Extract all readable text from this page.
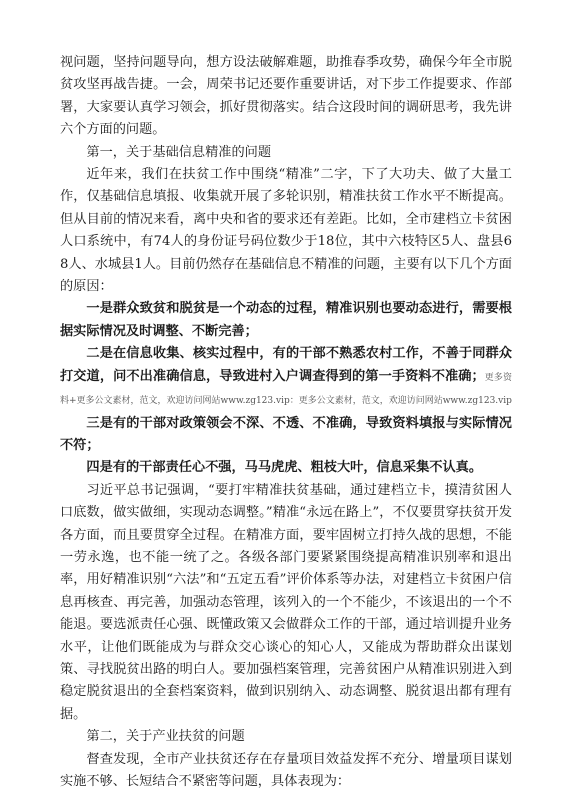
视问题，坚持问题导向，想方设法破解难题，助推春季攻势，确保今年全市脱贫攻坚再战告捷。一会，周荣书记还要作重要讲话，对下步工作提要求、作部署，大家要认真学习领会，抓好贯彻落实。结合这段时间的调研思考，我先讲六个方面的问题。

第一，关于基础信息精准的问题

近年来，我们在扶贫工作中围绕“精准”二字，下了大功夫、做了大量工作，仅基础信息填报、收集就开展了多轮识别，精准扶贫工作水平不断提高。但从目前的情况来看，离中央和省的要求还有差距。比如，全市建档立卡贫困人口系统中，有74人的身份证号码位数少于18位，其中六枝特区5人、盘县68人、水城县1人。目前仍然存在基础信息不精准的问题，主要有以下几个方面的原因：

一是群众致贫和脱贫是一个动态的过程，精准识别也要动态进行，需要根据实际情况及时调整、不断完善；

二是在信息收集、核实过程中，有的干部不熟悉农村工作，不善于同群众打交道，问不出准确信息，导致进村入户调查得到的第一手资料不准确；更多资料+更多公文素材，范文，欢迎访问网站www.zg123.vip：更多公文素材，范文，欢迎访问网站www.zg123.vip

三是有的干部对政策领会不深、不透、不准确，导致资料填报与实际情况不符；

四是有的干部责任心不强，马马虎虎、粗枝大叶，信息采集不认真。

习近平总书记强调，“要打牢精准扶贫基础，通过建档立卡，摸清贫困人口底数，做实做细，实现动态调整。”精准“永远在路上”，不仅要贯穿扶贫开发各方面，而且要贯穿全过程。在精准方面，要牢固树立打持久战的思想，不能一劳永逸，也不能一统了之。各级各部门要紧紧围绕提高精准识别率和退出率，用好精准识别“六法”和“五定五看”评价体系等办法，对建档立卡贫困户信息再核查、再完善，加强动态管理，该列入的一个不能少，不该退出的一个不能退。要选派责任心强、既懂政策又会做群众工作的干部，通过培训提升业务水平，让他们既能成为与群众交心谈心的知心人，又能成为帮助群众出谋划策、寻找脱贫出路的明白人。要加强档案管理，完善贫困户从精准识别进入到稳定脱贫退出的全套档案资料，做到识别纳入、动态调整、脱贫退出都有理有据。

第二，关于产业扶贫的问题

督查发现，全市产业扶贫还存在存量项目效益发挥不充分、增量项目谋划实施不够、长短结合不紧密等问题，具体表现为：
